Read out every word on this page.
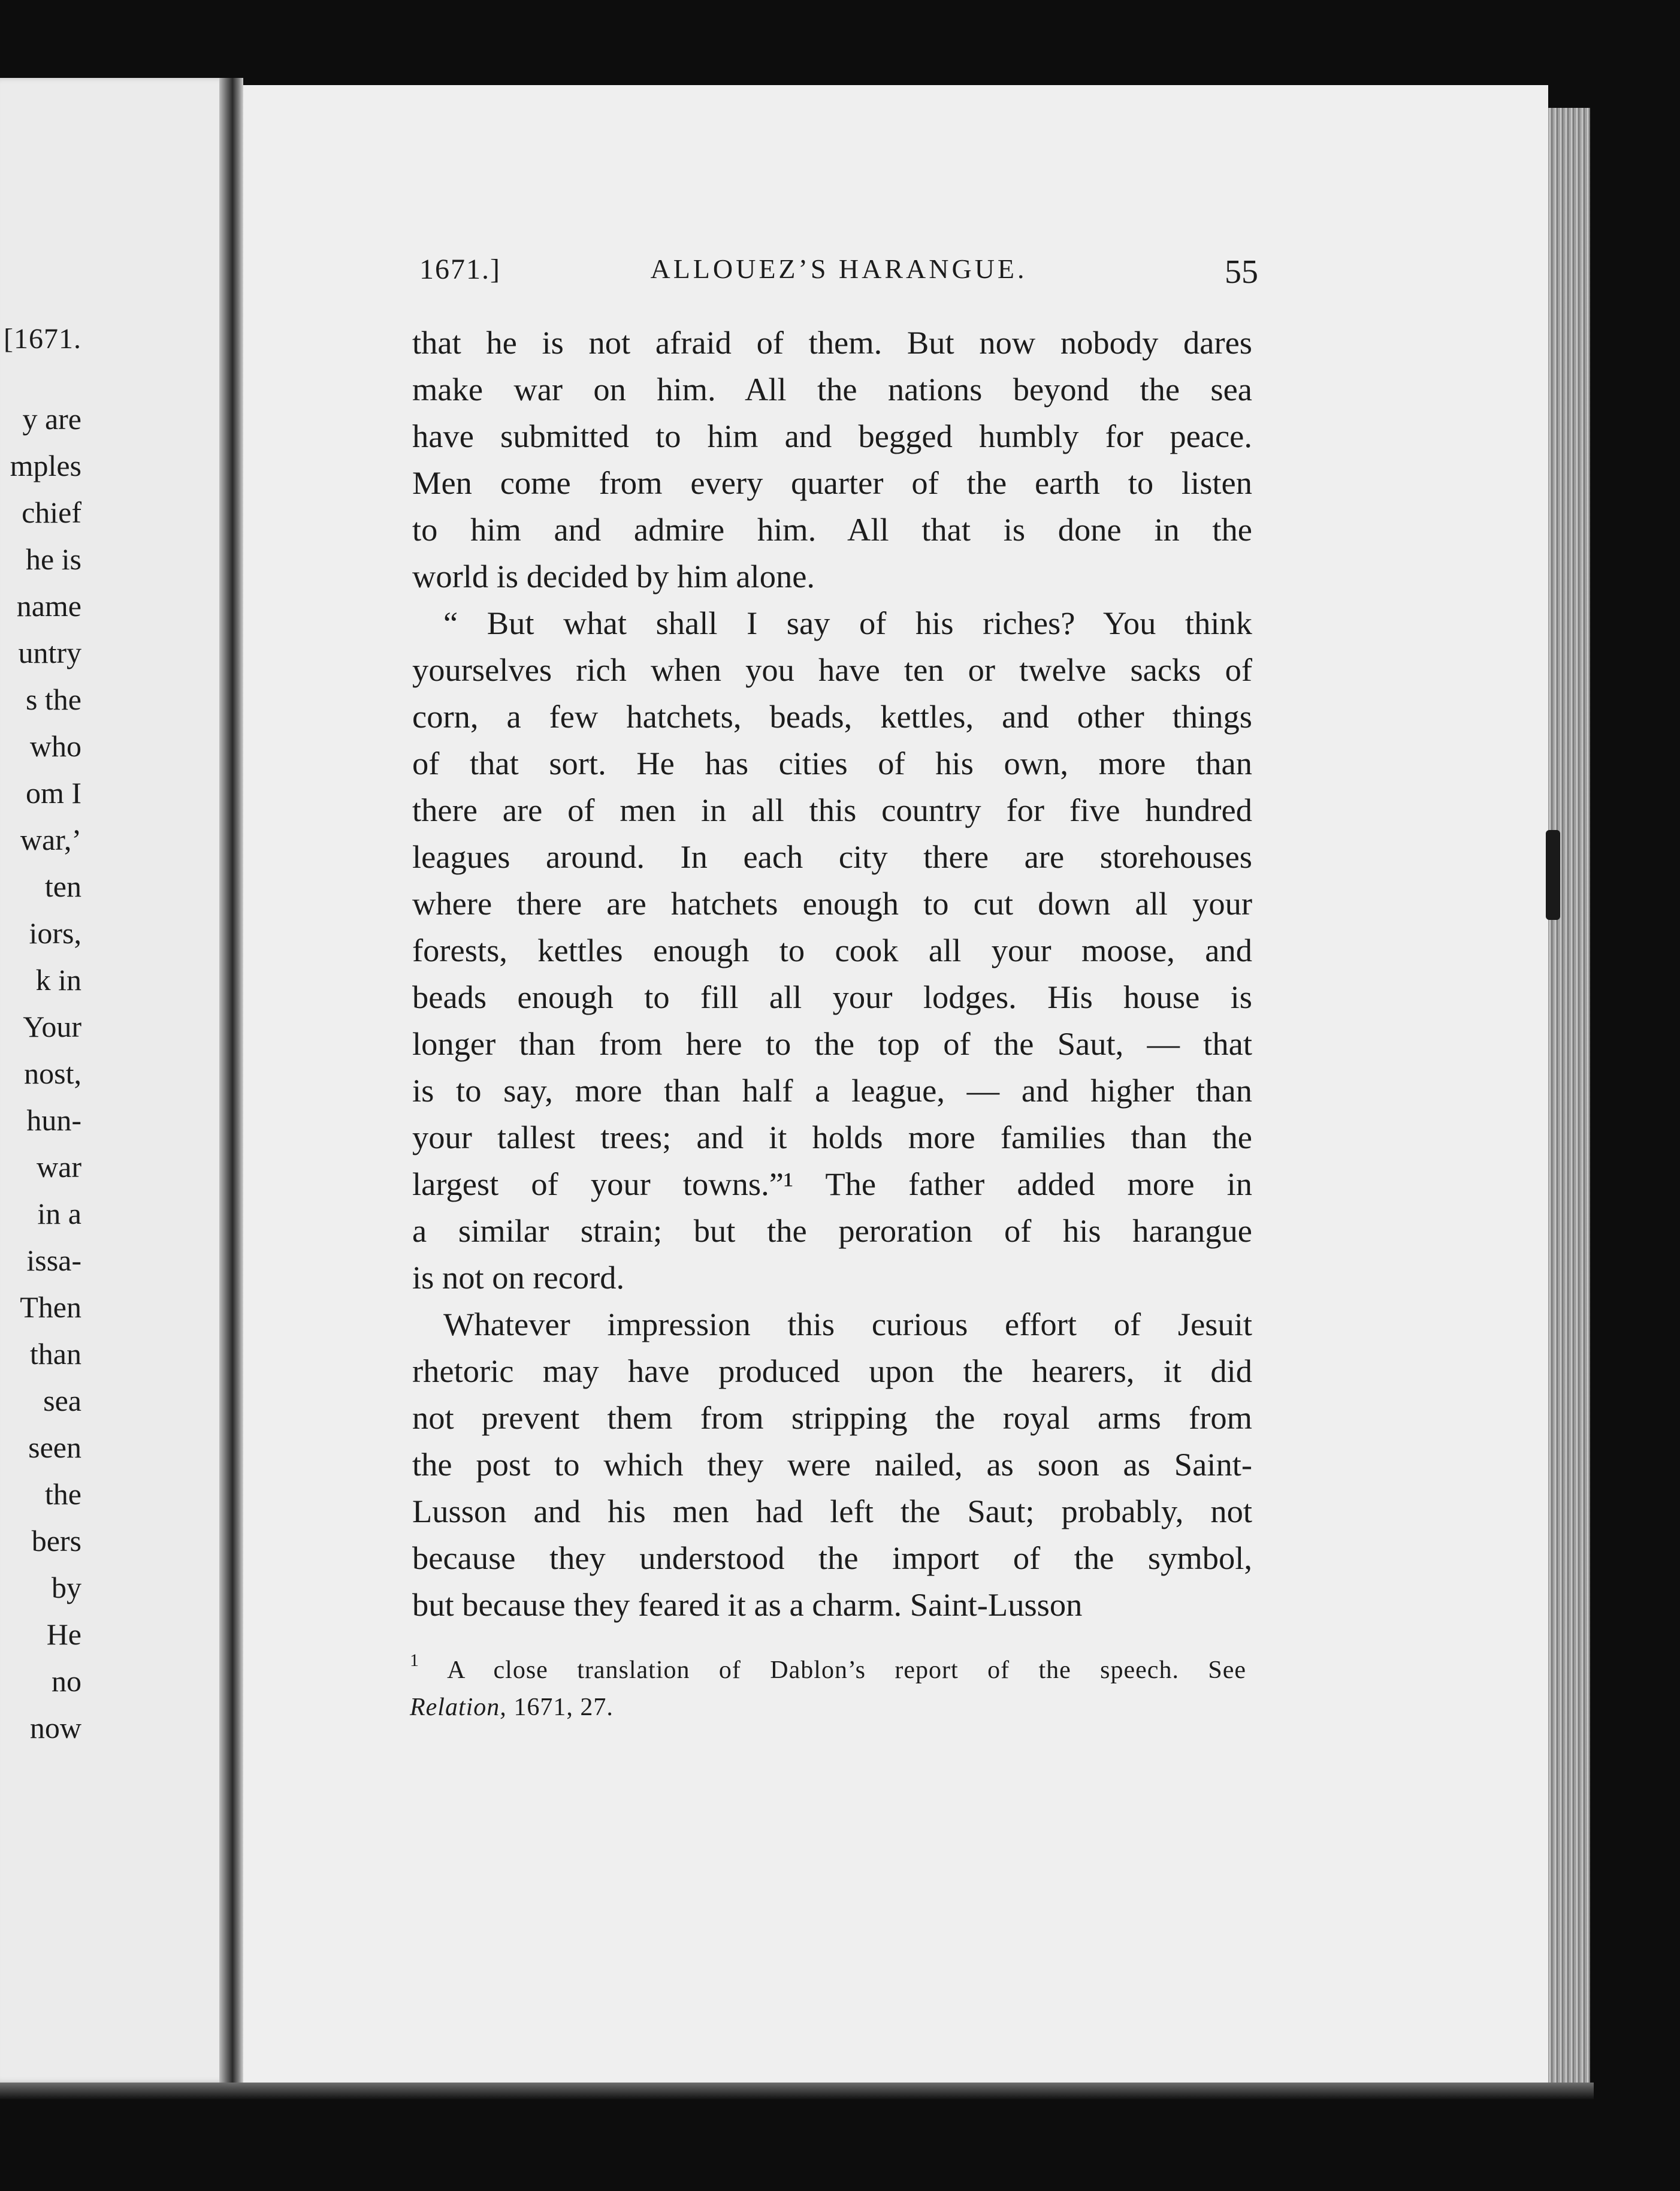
[1671.
y are
mples
chief
he is
name
untry
s the
who
om I
war,’
ten
iors,
k in
Your
nost,
hun-
war
in a
issa-
Then
than
sea
seen
the
bers
by
He
no
now
1671.]	ALLOUEZ’S HARANGUE.	55
that he is not afraid of them. But now nobody dares
make war on him. All the nations beyond the sea
have submitted to him and begged humbly for peace.
Men come from every quarter of the earth to listen
to him and admire him. All that is done in the
world is decided by him alone.
“ But what shall I say of his riches? You think
yourselves rich when you have ten or twelve sacks of
corn, a few hatchets, beads, kettles, and other things
of that sort. He has cities of his own, more than
there are of men in all this country for five hundred
leagues around. In each city there are storehouses
where there are hatchets enough to cut down all your
forests, kettles enough to cook all your moose, and
beads enough to fill all your lodges. His house is
longer than from here to the top of the Saut, — that
is to say, more than half a league, — and higher than
your tallest trees; and it holds more families than the
largest of your towns.”¹ The father added more in
a similar strain; but the peroration of his harangue
is not on record.
Whatever impression this curious effort of Jesuit
rhetoric may have produced upon the hearers, it did
not prevent them from stripping the royal arms from
the post to which they were nailed, as soon as Saint-
Lusson and his men had left the Saut; probably, not
because they understood the import of the symbol,
but because they feared it as a charm. Saint-Lusson
$^1$ A close translation of Dablon’s report of the speech. See
Relation, 1671, 27.
